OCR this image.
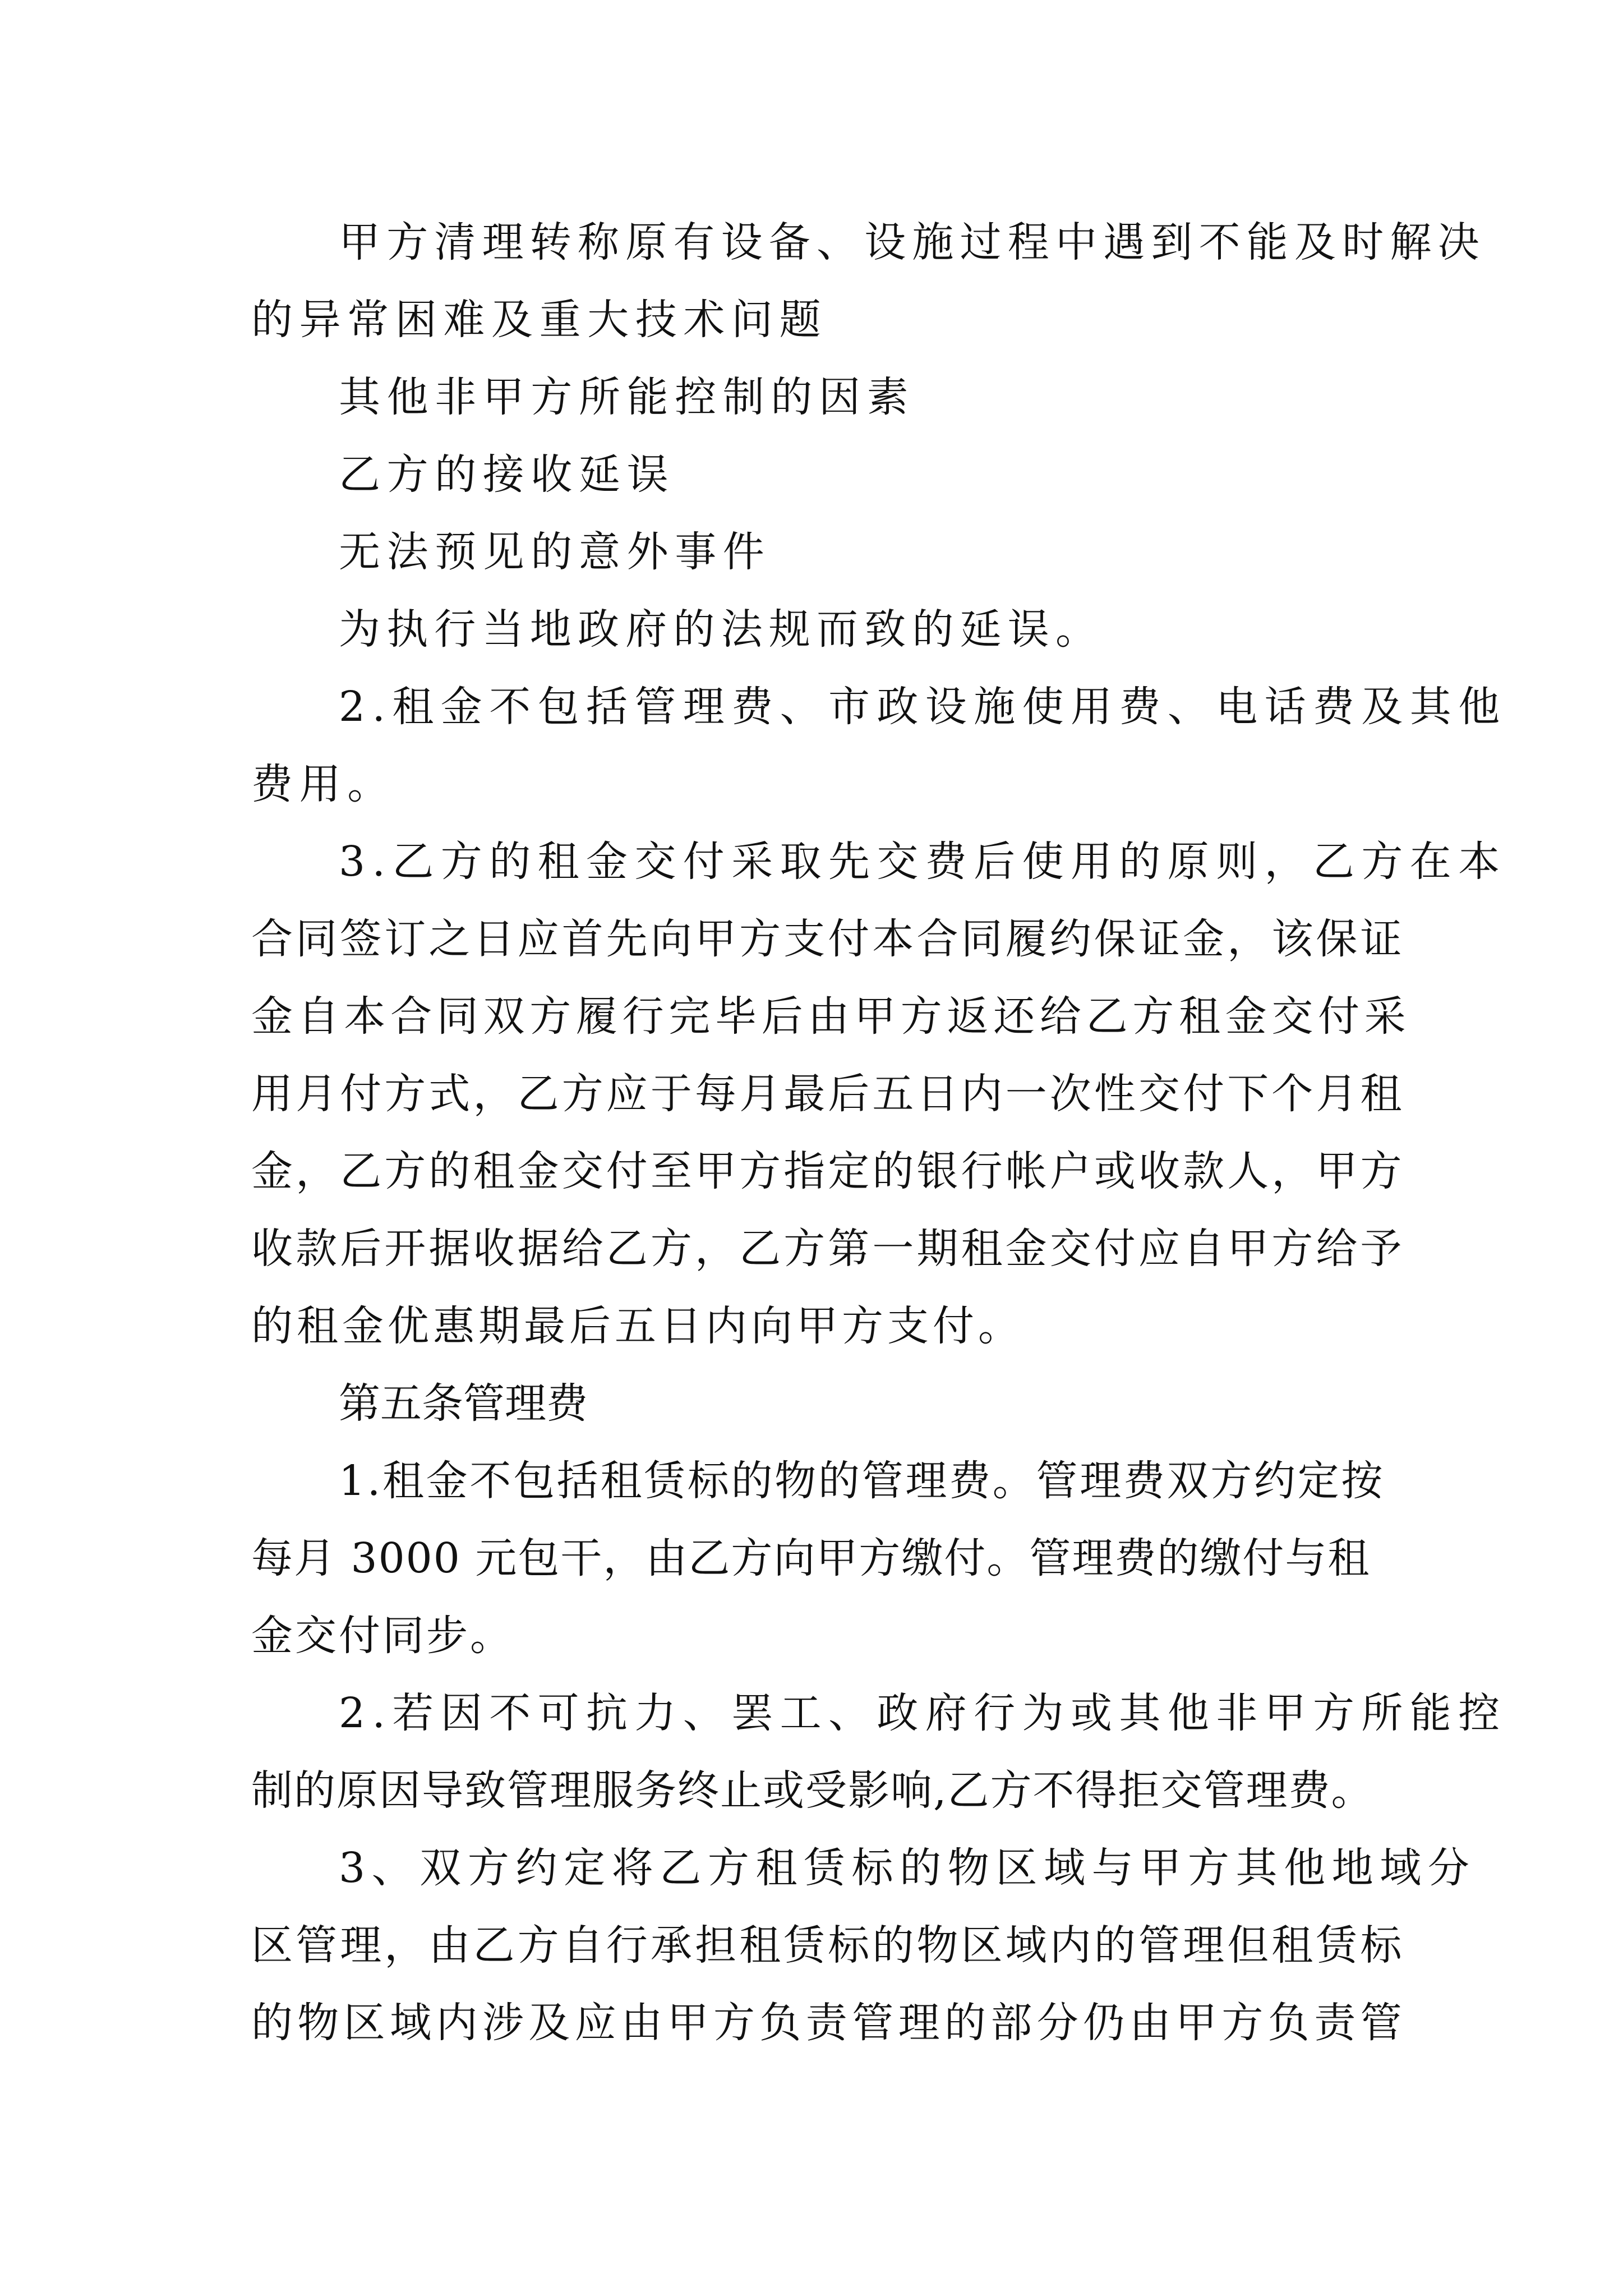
甲方清理转称原有设备、设施过程中遇到不能及时解决
的异常困难及重大技术问题
其他非甲方所能控制的因素
乙方的接收延误
无法预见的意外事件
为执行当地政府的法规而致的延误。
2.租金不包括管理费、市政设施使用费、电话费及其他
费用。
3.乙方的租金交付采取先交费后使用的原则，乙方在本
合同签订之日应首先向甲方支付本合同履约保证金，该保证
金自本合同双方履行完毕后由甲方返还给乙方租金交付采
用月付方式，乙方应于每月最后五日内一次性交付下个月租
金，乙方的租金交付至甲方指定的银行帐户或收款人，甲方
收款后开据收据给乙方，乙方第一期租金交付应自甲方给予
的租金优惠期最后五日内向甲方支付。
第五条管理费
1.租金不包括租赁标的物的管理费。管理费双方约定按
每月 3000 元包干，由乙方向甲方缴付。管理费的缴付与租
金交付同步。
2.若因不可抗力、罢工、政府行为或其他非甲方所能控
制的原因导致管理服务终止或受影响,乙方不得拒交管理费。
3、双方约定将乙方租赁标的物区域与甲方其他地域分
区管理，由乙方自行承担租赁标的物区域内的管理但租赁标
的物区域内涉及应由甲方负责管理的部分仍由甲方负责管
